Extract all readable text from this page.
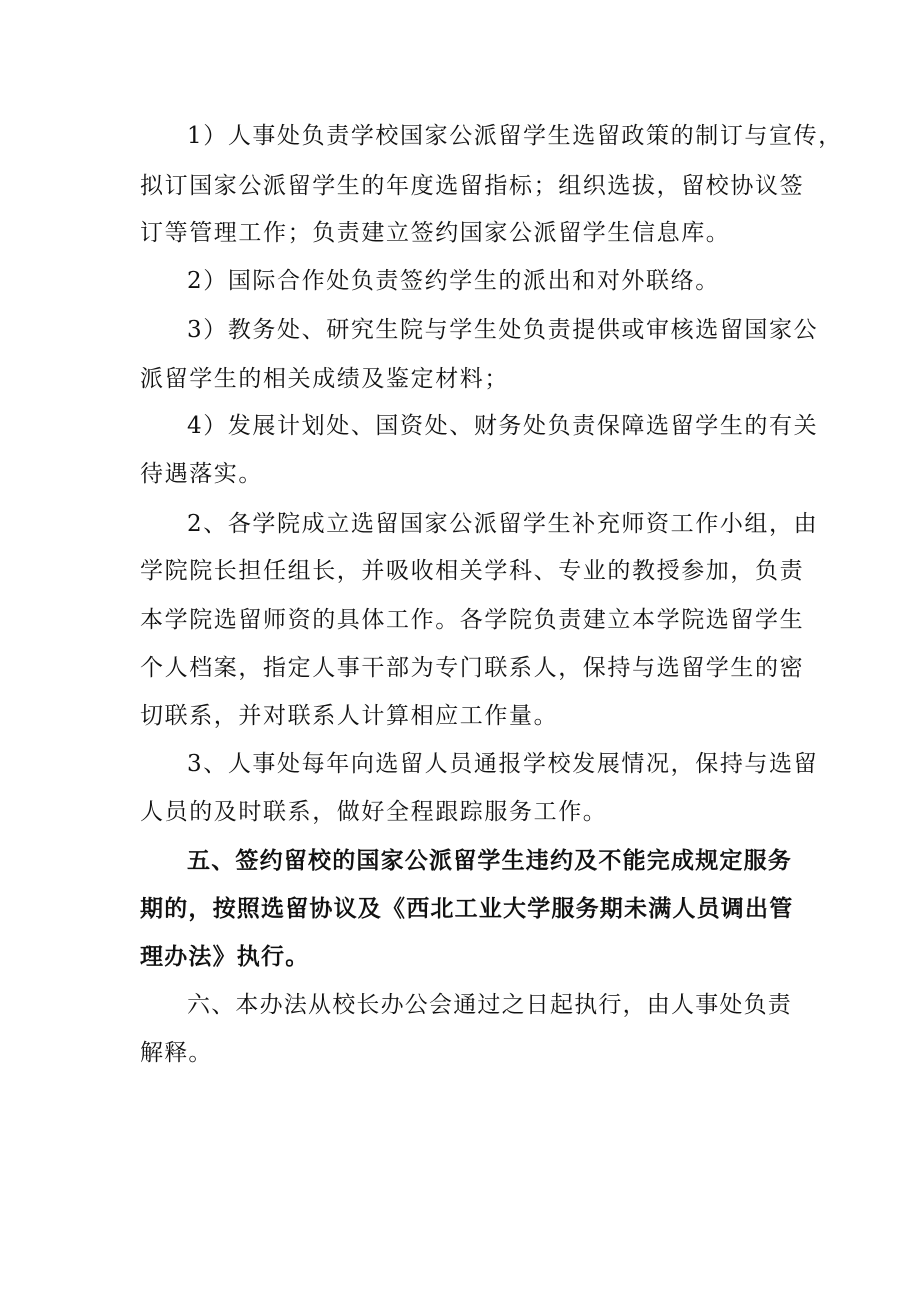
1）人事处负责学校国家公派留学生选留政策的制订与宣传，
拟订国家公派留学生的年度选留指标；组织选拔，留校协议签
订等管理工作；负责建立签约国家公派留学生信息库。
2）国际合作处负责签约学生的派出和对外联络。
3）教务处、研究生院与学生处负责提供或审核选留国家公
派留学生的相关成绩及鉴定材料；
4）发展计划处、国资处、财务处负责保障选留学生的有关
待遇落实。
2、各学院成立选留国家公派留学生补充师资工作小组，由
学院院长担任组长，并吸收相关学科、专业的教授参加，负责
本学院选留师资的具体工作。各学院负责建立本学院选留学生
个人档案，指定人事干部为专门联系人，保持与选留学生的密
切联系，并对联系人计算相应工作量。
3、人事处每年向选留人员通报学校发展情况，保持与选留
人员的及时联系，做好全程跟踪服务工作。
五、签约留校的国家公派留学生违约及不能完成规定服务
期的，按照选留协议及《西北工业大学服务期未满人员调出管
理办法》执行。
六、本办法从校长办公会通过之日起执行，由人事处负责
解释。
